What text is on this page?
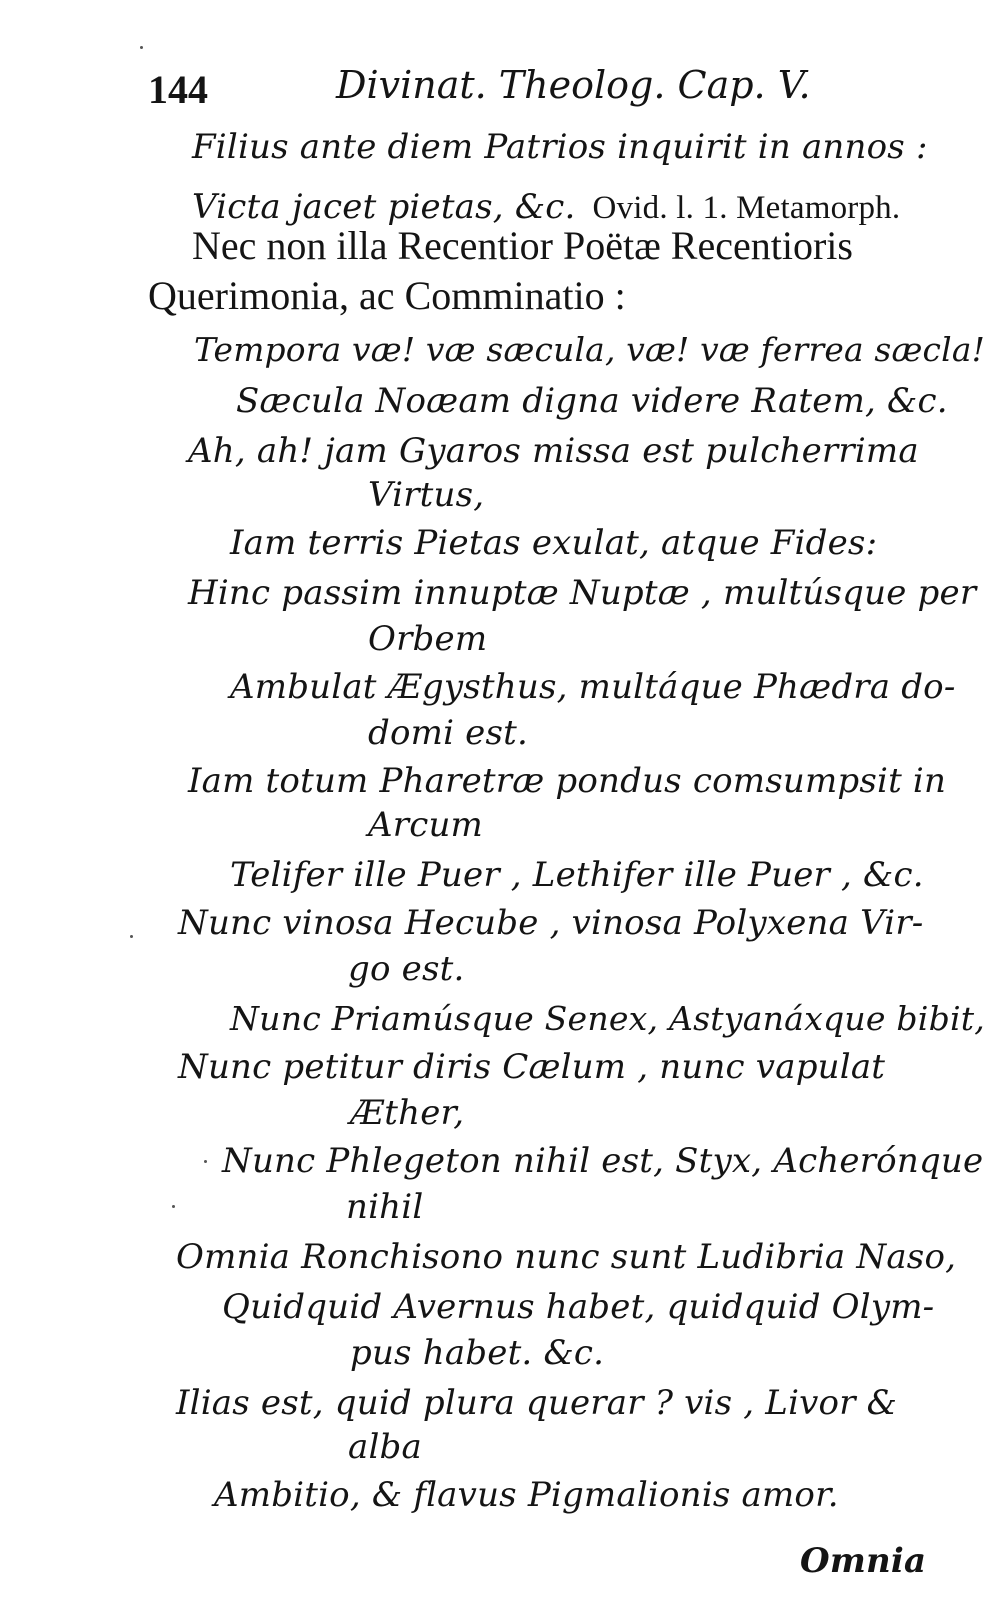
144	Divinat. Theolog. Cap. V.
Filius ante diem Patrios inquirit in annos :
Victa jacet pietas, &c. Ovid. l. 1. Metamorph.
Nec non illa Recentior Poëtæ Recentioris
Querimonia, ac Comminatio :
Tempora væ! væ sæcula, væ! væ ferrea sæcla!
Sæcula Noæam digna videre Ratem, &c.
Ah, ah! jam Gyaros missa est pulcherrima
Virtus,
Iam terris Pietas exulat, atque Fides:
Hinc passim innuptæ Nuptæ , multúsque per
Orbem
Ambulat Ægysthus, multáque Phædra do-
domi est.
Iam totum Pharetræ pondus comsumpsit in
Arcum
Telifer ille Puer , Lethifer ille Puer , &c.
Nunc vinosa Hecube , vinosa Polyxena Vir-
go est.
Nunc Priamúsque Senex, Astyanáxque bibit,
Nunc petitur diris Cælum , nunc vapulat
Æther,
Nunc Phlegeton nihil est, Styx, Acherónque
nihil
Omnia Ronchisono nunc sunt Ludibria Naso,
Quidquid Avernus habet, quidquid Olym-
pus habet. &c.
Ilias est, quid plura querar ? vis , Livor &
alba
Ambitio, & flavus Pigmalionis amor.
Omnia
